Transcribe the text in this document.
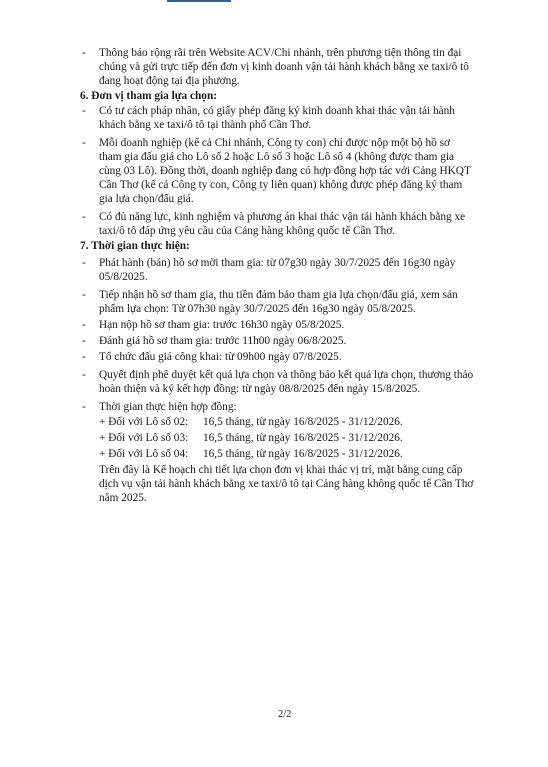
- Thông báo rộng rãi trên Website ACV/Chi nhánh, trên phương tiện thông tin đại
chúng và gửi trực tiếp đến đơn vị kinh doanh vận tải hành khách bằng xe taxi/ô tô
đang hoạt động tại địa phương.
6. Đơn vị tham gia lựa chọn:
- Có tư cách pháp nhân, có giấy phép đăng ký kinh doanh khai thác vận tải hành
khách bằng xe taxi/ô tô tại thành phố Cần Thơ.
- Mỗi doanh nghiệp (kể cả Chi nhánh, Công ty con) chỉ được nộp một bộ hồ sơ
tham gia đấu giá cho Lô số 2 hoặc Lô số 3 hoặc Lô số 4 (không được tham gia
cùng 03 Lô). Đồng thời, doanh nghiệp đang có hợp đồng hợp tác với Cảng HKQT
Cần Thơ (kể cả Công ty con, Công ty liên quan) không được phép đăng ký tham
gia lựa chọn/đấu giá.
- Có đủ năng lực, kinh nghiệm và phương án khai thác vận tải hành khách bằng xe
taxi/ô tô đáp ứng yêu cầu của Cảng hàng không quốc tế Cần Thơ.
7. Thời gian thực hiện:
- Phát hành (bán) hồ sơ mời tham gia: từ 07g30 ngày 30/7/2025 đến 16g30 ngày
05/8/2025.
- Tiếp nhận hồ sơ tham gia, thu tiền đảm bảo tham gia lựa chọn/đấu giá, xem sản
phẩm lựa chọn: Từ 07h30 ngày 30/7/2025 đến 16g30 ngày 05/8/2025.
- Hạn nộp hồ sơ tham gia: trước 16h30 ngày 05/8/2025.
- Đánh giá hồ sơ tham gia: trước 11h00 ngày 06/8/2025.
- Tổ chức đấu giá công khai: từ 09h00 ngày 07/8/2025.
- Quyết định phê duyệt kết quả lựa chọn và thông báo kết quả lựa chọn, thương thảo
hoàn thiện và ký kết hợp đồng: từ ngày 08/8/2025 đến ngày 15/8/2025.
- Thời gian thực hiện hợp đồng:
+ Đối với Lô số 02: 16,5 tháng, từ ngày 16/8/2025 - 31/12/2026.
+ Đối với Lô số 03: 16,5 tháng, từ ngày 16/8/2025 - 31/12/2026.
+ Đối với Lô số 04: 16,5 tháng, từ ngày 16/8/2025 - 31/12/2026.
Trên đây là Kế hoạch chi tiết lựa chọn đơn vị khai thác vị trí, mặt bằng cung cấp
dịch vụ vận tải hành khách bằng xe taxi/ô tô tại Cảng hàng không quốc tế Cần Thơ
năm 2025.
2/2
